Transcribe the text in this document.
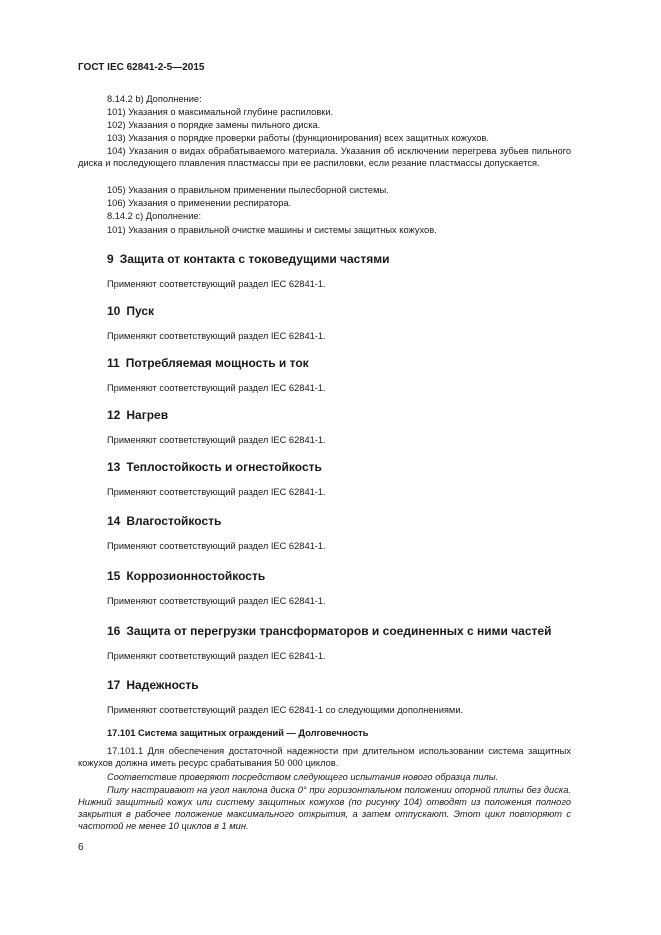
ГОСТ IEC 62841-2-5—2015
8.14.2 b) Дополнение:
101) Указания о максимальной глубине распиловки.
102) Указания о порядке замены пильного диска.
103) Указания о порядке проверки работы (функционирования) всех защитных кожухов.
104) Указания о видах обрабатываемого материала. Указания об исключении перегрева зубьев пильного диска и последующего плавления пластмассы при ее распиловки, если резание пластмассы допускается.
105) Указания о правильном применении пылесборной системы.
106) Указания о применении респиратора.
8.14.2 c) Дополнение:
101) Указания о правильной очистке машины и системы защитных кожухов.
9 Защита от контакта с токоведущими частями
Применяют соответствующий раздел IEC 62841-1.
10 Пуск
Применяют соответствующий раздел IEC 62841-1.
11 Потребляемая мощность и ток
Применяют соответствующий раздел IEC 62841-1.
12 Нагрев
Применяют соответствующий раздел IEC 62841-1.
13 Теплостойкость и огнестойкость
Применяют соответствующий раздел IEC 62841-1.
14 Влагостойкость
Применяют соответствующий раздел IEC 62841-1.
15 Коррозионностойкость
Применяют соответствующий раздел IEC 62841-1.
16 Защита от перегрузки трансформаторов и соединенных с ними частей
Применяют соответствующий раздел IEC 62841-1.
17 Надежность
Применяют соответствующий раздел IEC 62841-1 со следующими дополнениями.
17.101 Система защитных ограждений — Долговечность
17.101.1 Для обеспечения достаточной надежности при длительном использовании система защитных кожухов должна иметь ресурс срабатывания 50 000 циклов.
Соответствие проверяют посредством следующего испытания нового образца пилы.
Пилу настраивают на угол наклона диска 0° при горизонтальном положении опорной плиты без диска. Нижний защитный кожух или систему защитных кожухов (по рисунку 104) отводят из положения полного закрытия в рабочее положение максимального открытия, а затем отпускают. Этот цикл повторяют с частотой не менее 10 циклов в 1 мин.
6
